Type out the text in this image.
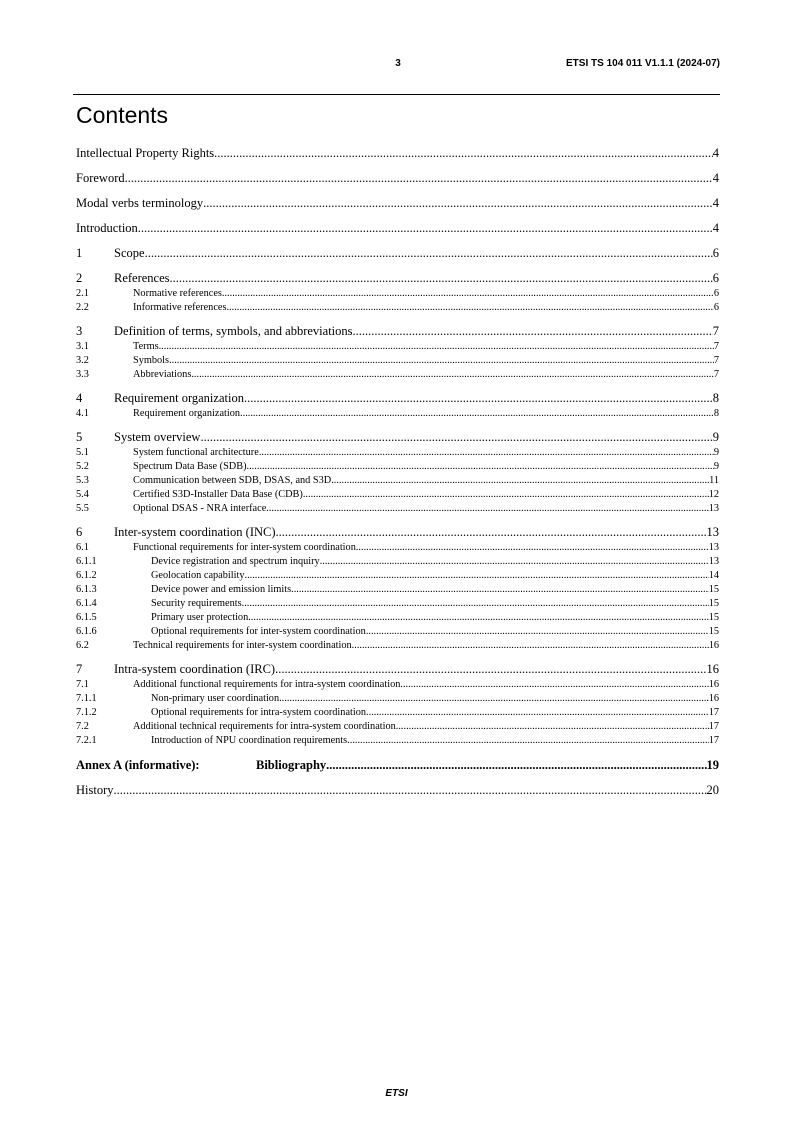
3	ETSI TS 104 011 V1.1.1 (2024-07)
Contents
Intellectual Property Rights .....	4
Foreword .....	4
Modal verbs terminology .....	4
Introduction .....	4
1	Scope .....	6
2	References .....	6
2.1	Normative references .....	6
2.2	Informative references .....	6
3	Definition of terms, symbols, and abbreviations .....	7
3.1	Terms .....	7
3.2	Symbols .....	7
3.3	Abbreviations .....	7
4	Requirement organization .....	8
4.1	Requirement organization .....	8
5	System overview .....	9
5.1	System functional architecture .....	9
5.2	Spectrum Data Base (SDB) .....	9
5.3	Communication between SDB, DSAS, and S3D .....	11
5.4	Certified S3D-Installer Data Base (CDB) .....	12
5.5	Optional DSAS - NRA interface .....	13
6	Inter-system coordination (INC) .....	13
6.1	Functional requirements for inter-system coordination .....	13
6.1.1	Device registration and spectrum inquiry .....	13
6.1.2	Geolocation capability .....	14
6.1.3	Device power and emission limits .....	15
6.1.4	Security requirements .....	15
6.1.5	Primary user protection .....	15
6.1.6	Optional requirements for inter-system coordination .....	15
6.2	Technical requirements for inter-system coordination .....	16
7	Intra-system coordination (IRC) .....	16
7.1	Additional functional requirements for intra-system coordination .....	16
7.1.1	Non-primary user coordination .....	16
7.1.2	Optional requirements for intra-system coordination .....	17
7.2	Additional technical requirements for intra-system coordination .....	17
7.2.1	Introduction of NPU coordination requirements .....	17
Annex A (informative):	Bibliography .....	19
History .....	20
ETSI
